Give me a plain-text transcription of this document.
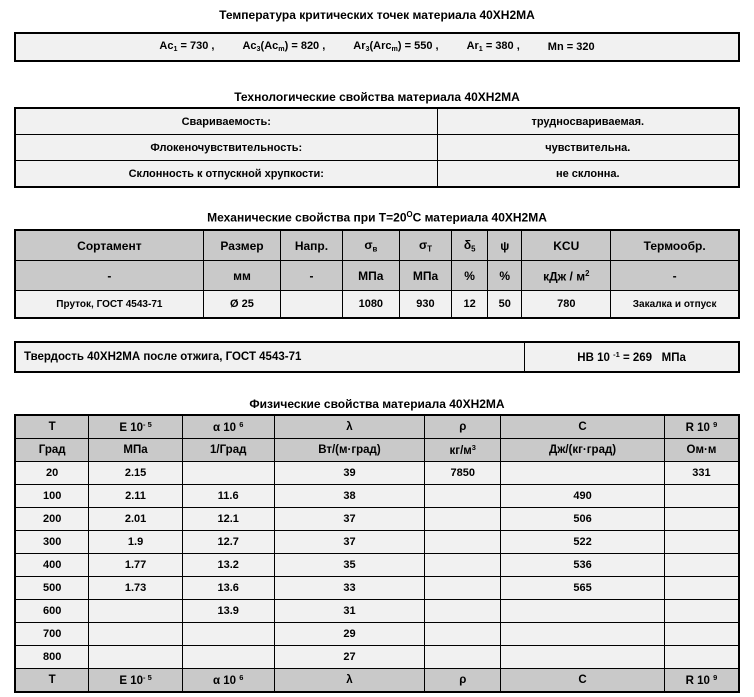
Температура критических точек материала 40ХН2МА
$Ac_1 = 730$ ,	$Ac_3(Ac_m) = 820$ ,	$Ar_3(Arc_m) = 550$ ,	$Ar_1 = 380$ ,	Mn = 320
Технологические свойства материала 40ХН2МА
Свариваемость:	трудносвариваемая.
Флокеночувствительность:	чувствительна.
Склонность к отпускной хрупкости:	не склонна.
Механические свойства при $Т=20^ОС$ материала 40ХН2МА
Сортамент	Размер	Напр.	$\sigma_в$	$\sigma_Т$	$\delta_5$	ψ	KCU	Термообр.
-	мм	-	МПа	МПа	%	%	кДж / $м^2$	-
Пруток, ГОСТ 4543-71	Ø 25		1080	930	12	50	780	Закалка и отпуск
Твердость 40ХН2МА после отжига, ГОСТ 4543-71	HB 10 $^{-1}$ = 269   МПа
Физические свойства материала 40ХН2МА
Т	E $10^{- 5}$	α 10 $^6$	λ	ρ	С	R 10 $^9$
Град	МПа	1/Град	Вт/(м·град)	$кг/м^3$	Дж/(кг·град)	Ом·м
20	2.15		39	7850		331
100	2.11	11.6	38		490	
200	2.01	12.1	37		506	
300	1.9	12.7	37		522	
400	1.77	13.2	35		536	
500	1.73	13.6	33		565	
600		13.9	31			
700			29			
800			27			
Т	E $10^{- 5}$	α 10 $^6$	λ	ρ	С	R 10 $^9$
